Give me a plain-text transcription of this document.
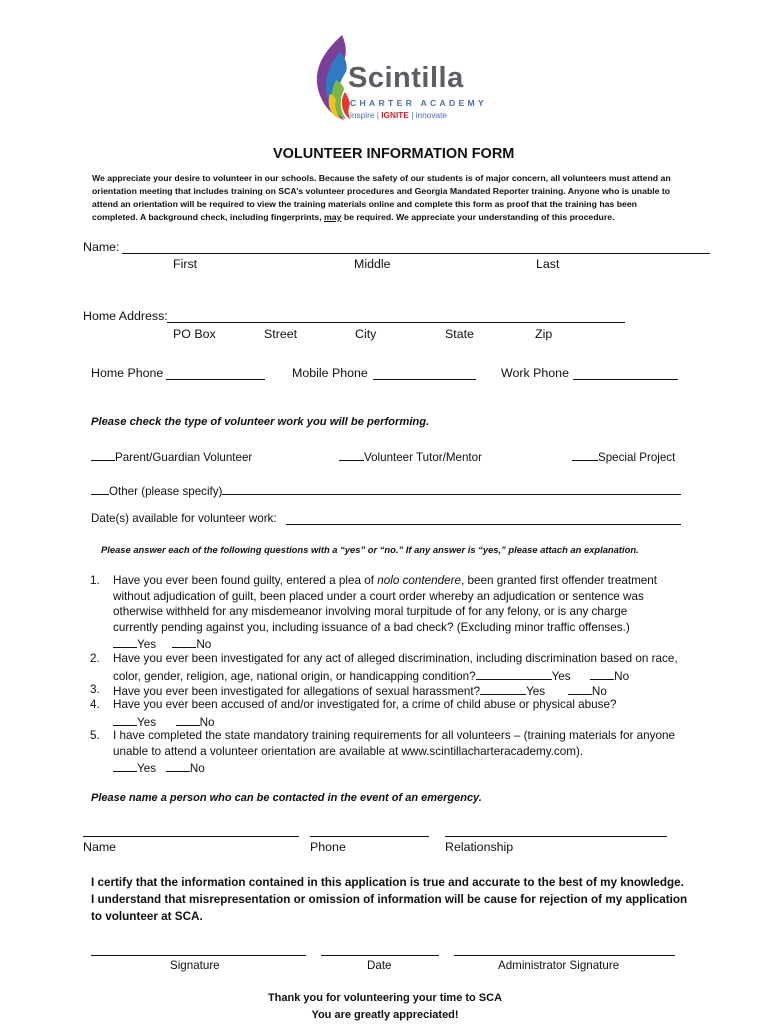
Scintilla
CHARTER ACADEMY
inspire | IGNITE | innovate
VOLUNTEER INFORMATION FORM
We appreciate your desire to volunteer in our schools. Because the safety of our students is of major concern, all volunteers must attend an
orientation meeting that includes training on SCA’s volunteer procedures and Georgia Mandated Reporter training. Anyone who is unable to
attend an orientation will be required to view the training materials online and complete this form as proof that the training has been
completed. A background check, including fingerprints, may be required. We appreciate your understanding of this procedure.
Name:
First	Middle	Last
Home Address:
PO Box	Street	City	State	Zip
Home Phone	Mobile Phone	Work Phone
Please check the type of volunteer work you will be performing.
Parent/Guardian Volunteer	Volunteer Tutor/Mentor	Special Project
Other (please specify)
Date(s) available for volunteer work:
Please answer each of the following questions with a “yes” or “no.” If any answer is “yes,” please attach an explanation.
1. Have you ever been found guilty, entered a plea of nolo contendere, been granted first offender treatment
without adjudication of guilt, been placed under a court order whereby an adjudication or sentence was
otherwise withheld for any misdemeanor involving moral turpitude of for any felony, or is any charge
currently pending against you, including issuance of a bad check? (Excluding minor traffic offenses.)
Yes	No
2. Have you ever been investigated for any act of alleged discrimination, including discrimination based on race,
color, gender, religion, age, national origin, or handicapping condition?	Yes	No
3. Have you ever been investigated for allegations of sexual harassment?	Yes	No
4. Have you ever been accused of and/or investigated for, a crime of child abuse or physical abuse?
Yes	No
5. I have completed the state mandatory training requirements for all volunteers – (training materials for anyone
unable to attend a volunteer orientation are available at www.scintillacharteracademy.com).
Yes	No
Please name a person who can be contacted in the event of an emergency.
Name	Phone	Relationship
I certify that the information contained in this application is true and accurate to the best of my knowledge.
I understand that misrepresentation or omission of information will be cause for rejection of my application
to volunteer at SCA.
Signature	Date	Administrator Signature
Thank you for volunteering your time to SCA
You are greatly appreciated!
